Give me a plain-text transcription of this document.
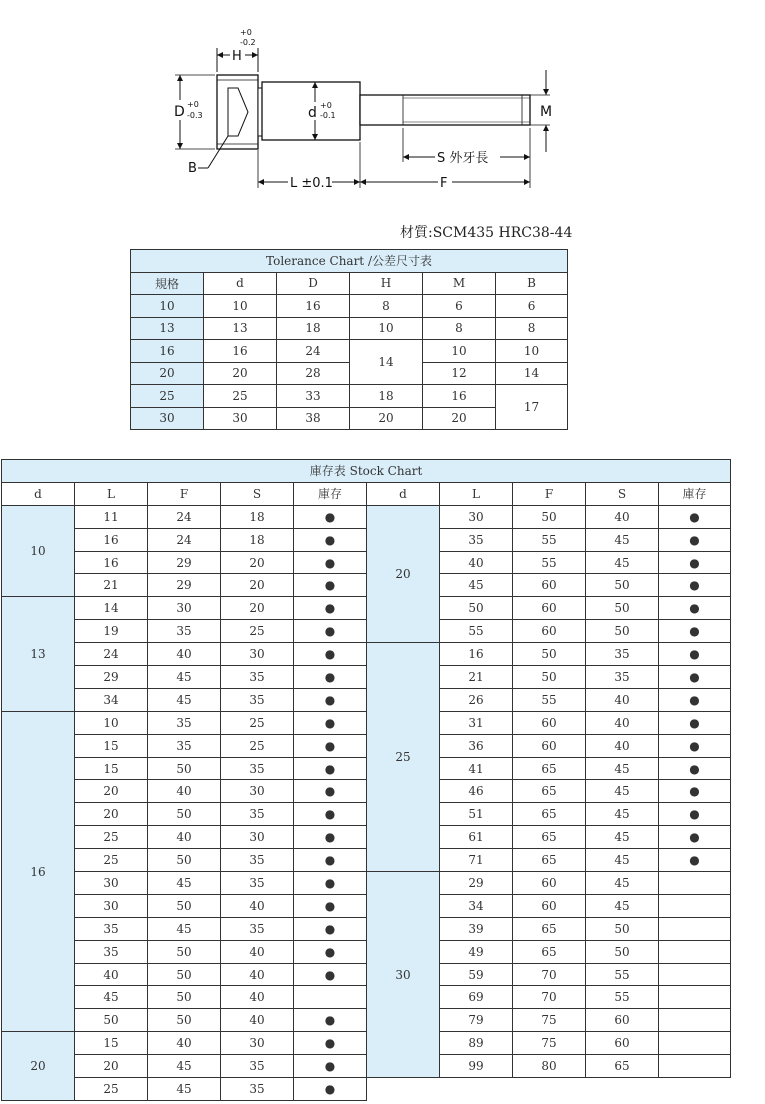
+0
-0.2
H
D +0
-0.3	d +0
-0.1	M
B
S 外牙長
L ±0.1	F
材質:SCM435 HRC38-44
Tolerance Chart /公差尺寸表					
規格	d	D	H	M	B
10	10	16	8	6	6
13	13	18	10	8	8
16	16	24	14	10	10
20	20	28		12	14
25	25	33	18	16	17
30	30	38	20	20	
庫存表 Stock Chart									
d	L	F	S	庫存	d	L	F	S	庫存
10	11	24	18	●	20	30	50	40	●
	16	24	18	●		35	55	45	●
	16	29	20	●		40	55	45	●
	21	29	20	●		45	60	50	●
13	14	30	20	●		50	60	50	●
	19	35	25	●		55	60	50	●
	24	40	30	●	25	16	50	35	●
	29	45	35	●		21	50	35	●
	34	45	35	●		26	55	40	●
16	10	35	25	●		31	60	40	●
	15	35	25	●		36	60	40	●
	15	50	35	●		41	65	45	●
	20	40	30	●		46	65	45	●
	20	50	35	●		51	65	45	●
	25	40	30	●		61	65	45	●
	25	50	35	●		71	65	45	●
	30	45	35	●	30	29	60	45	
	30	50	40	●		34	60	45	
	35	45	35	●		39	65	50	
	35	50	40	●		49	65	50	
	40	50	40	●		59	70	55	
	45	50	40			69	70	55	
	50	50	40	●		79	75	60	
20	15	40	30	●		89	75	60	
	20	45	35	●		99	80	65	
	25	45	35	●					
